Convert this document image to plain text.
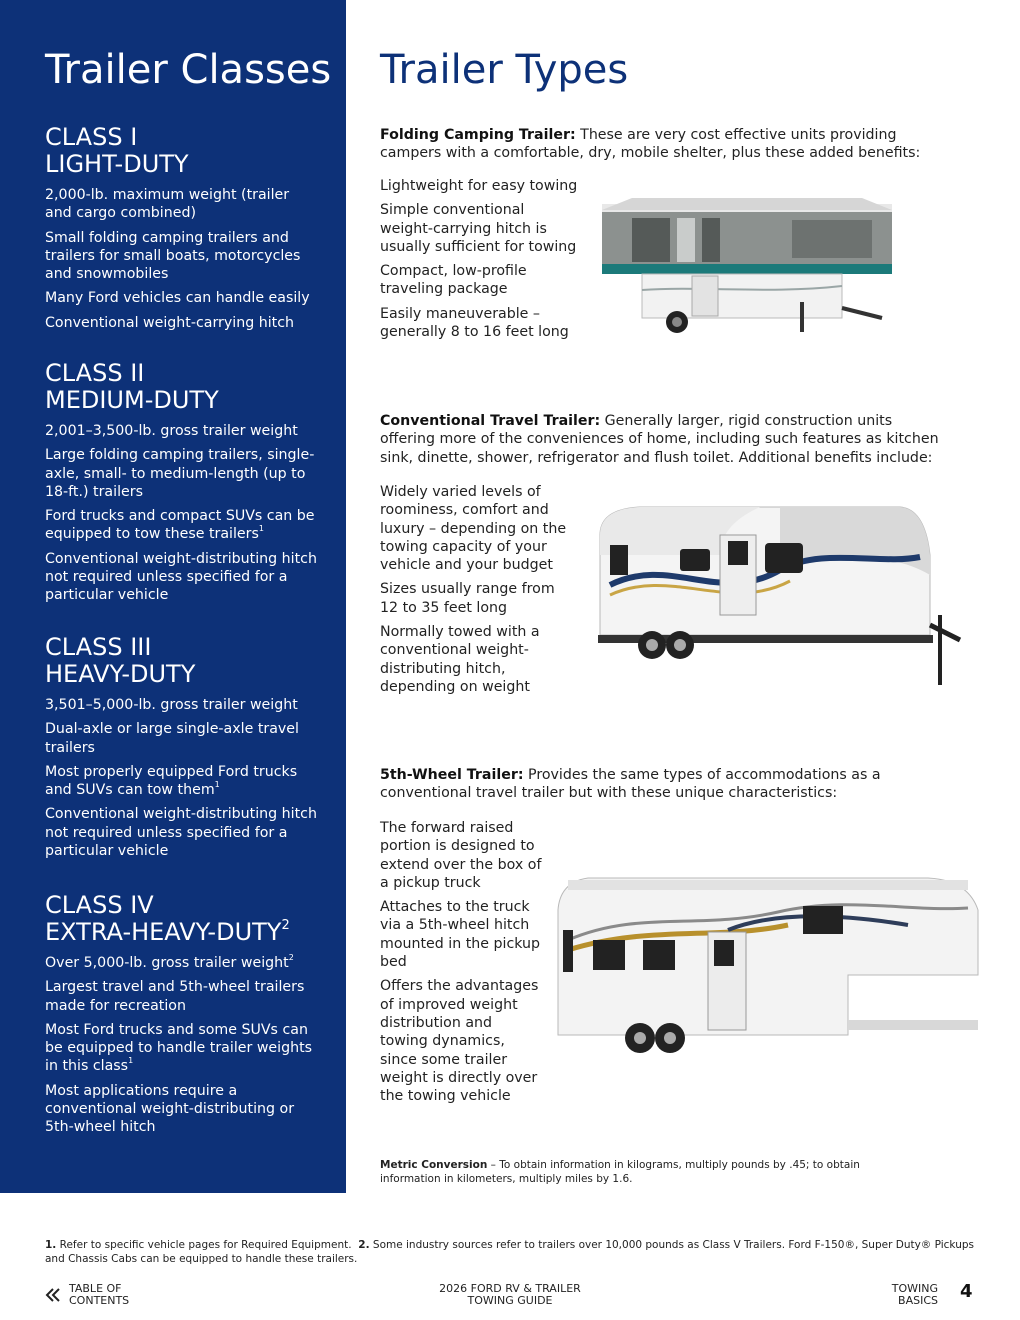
Trailer Classes
CLASS I
LIGHT-DUTY
2,000-lb. maximum weight (trailer and cargo combined)
Small folding camping trailers and trailers for small boats, motorcycles and snowmobiles
Many Ford vehicles can handle easily
Conventional weight-carrying hitch
CLASS II
MEDIUM-DUTY
2,001–3,500-lb. gross trailer weight
Large folding camping trailers, single-axle, small- to medium-length (up to 18-ft.) trailers
Ford trucks and compact SUVs can be equipped to tow these trailers$^1$
Conventional weight-distributing hitch not required unless specified for a particular vehicle
CLASS III
HEAVY-DUTY
3,501–5,000-lb. gross trailer weight
Dual-axle or large single-axle travel trailers
Most properly equipped Ford trucks and SUVs can tow them$^1$
Conventional weight-distributing hitch not required unless specified for a particular vehicle
CLASS IV
EXTRA-HEAVY-DUTY$^2$
Over 5,000-lb. gross trailer weight$^2$
Largest travel and 5th-wheel trailers made for recreation
Most Ford trucks and some SUVs can be equipped to handle trailer weights in this class$^1$
Most applications require a conventional weight-distributing or 5th-wheel hitch
Trailer Types
Folding Camping Trailer: These are very cost effective units providing campers with a comfortable, dry, mobile shelter, plus these added benefits:
Lightweight for easy towing
Simple conventional weight-carrying hitch is usually sufficient for towing
Compact, low-profile traveling package
Easily maneuverable – generally 8 to 16 feet long
Conventional Travel Trailer: Generally larger, rigid construction units offering more of the conveniences of home, including such features as kitchen sink, dinette, shower, refrigerator and flush toilet. Additional benefits include:
Widely varied levels of roominess, comfort and luxury – depending on the towing capacity of your vehicle and your budget
Sizes usually range from 12 to 35 feet long
Normally towed with a conventional weight-distributing hitch, depending on weight
5th-Wheel Trailer: Provides the same types of accommodations as a conventional travel trailer but with these unique characteristics:
The forward raised portion is designed to extend over the box of a pickup truck
Attaches to the truck via a 5th-wheel hitch mounted in the pickup bed
Offers the advantages of improved weight distribution and towing dynamics, since some trailer weight is directly over the towing vehicle
Metric Conversion – To obtain information in kilograms, multiply pounds by .45; to obtain information in kilometers, multiply miles by 1.6.
1. Refer to specific vehicle pages for Required Equipment. 2. Some industry sources refer to trailers over 10,000 pounds as Class V Trailers. Ford F-150®, Super Duty® Pickups and Chassis Cabs can be equipped to handle these trailers.
TABLE OF
CONTENTS
2026 FORD RV & TRAILER
TOWING GUIDE
TOWING
BASICS 4
